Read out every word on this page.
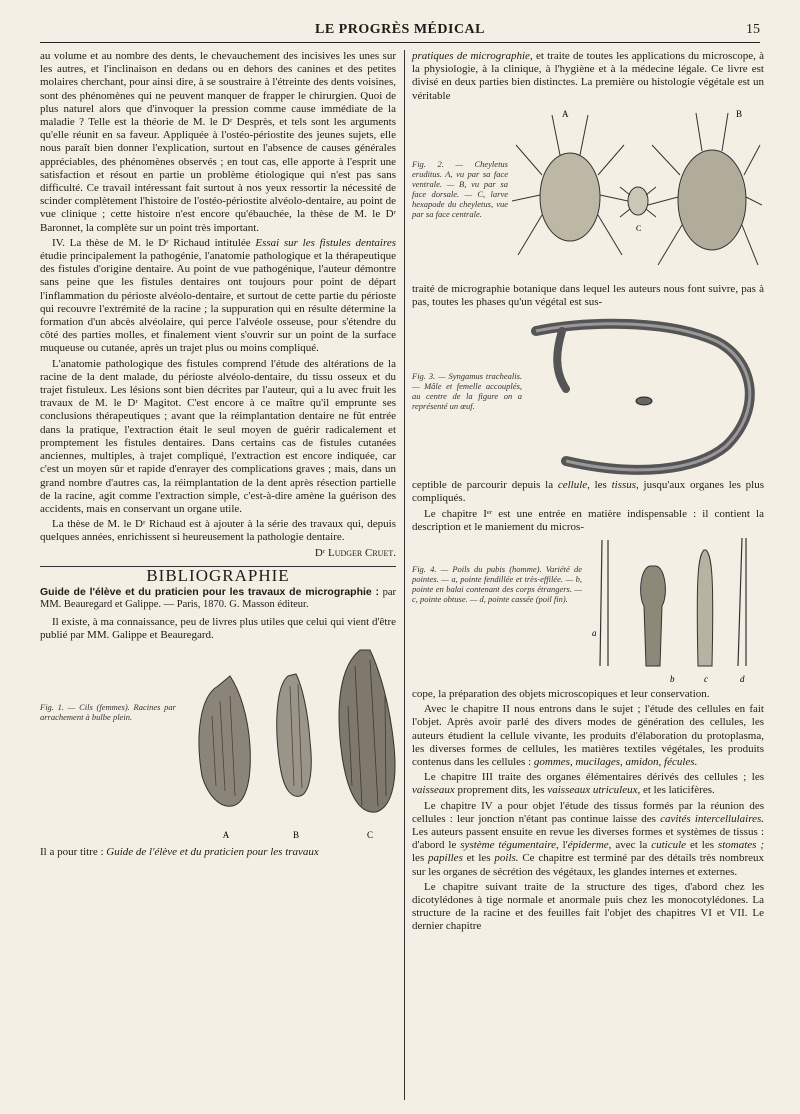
LE PROGRÈS MÉDICAL	15

au volume et au nombre des dents, le chevauchement des incisives les unes sur les autres, et l'inclinaison en dedans ou en dehors des canines et des petites molaires cherchant, pour ainsi dire, à se soustraire à l'étreinte des dents voisines, sont des phénomènes qui ne peuvent manquer de frapper le chirurgien. Quoi de plus naturel alors que d'invoquer la pression comme cause immédiate de la maladie ? Telle est la théorie de M. le Dʳ Desprès, et tels sont les arguments qu'elle réunit en sa faveur. Appliquée à l'ostéo-périostite des jeunes sujets, elle nous paraît bien donner l'explication, surtout en l'absence de causes générales appréciables, des phénomènes observés ; en tout cas, elle apporte à l'esprit une satisfaction et résout en partie un problème étiologique qui n'est pas sans difficulté. Ce travail intéressant fait surtout à nos yeux ressortir la nécessité de scinder complètement l'histoire de l'ostéo-périostite alvéolo-dentaire, au point de vue clinique ; cette histoire n'est encore qu'ébauchée, la thèse de M. le Dʳ Baronnet, la complète sur un point très important.

IV. La thèse de M. le Dʳ Richaud intitulée Essai sur les fistules dentaires étudie principalement la pathogénie, l'anatomie pathologique et la thérapeutique des fistules d'origine dentaire. Au point de vue pathogénique, l'auteur démontre sans peine que les fistules dentaires ont toujours pour point de départ l'inflammation du périoste alvéolo-dentaire, et surtout de cette partie du périoste qui recouvre l'extrémité de la racine ; la suppuration qui en résulte détermine la formation d'un abcès alvéolaire, qui perce l'alvéole osseuse, pour s'étendre du côté des parties molles, et finalement vient s'ouvrir sur un point de la surface muqueuse ou cutanée, après un trajet plus ou moins compliqué.

L'anatomie pathologique des fistules comprend l'étude des altérations de la racine de la dent malade, du périoste alvéolo-dentaire, du tissu osseux et du trajet fistuleux. Les lésions sont bien décrites par l'auteur, qui a lu avec fruit les travaux de M. le Dʳ Magitot. C'est encore à ce maître qu'il emprunte ses conclusions thérapeutiques ; avant que la réimplantation dentaire ne fût entrée dans la pratique, l'extraction était le seul moyen de guérir radicalement et promptement les fistules dentaires. Dans certains cas de fistules cutanées anciennes, multiples, à trajet compliqué, l'extraction est encore indiquée, car c'est un moyen sûr et rapide d'enrayer des complications graves ; mais, dans un grand nombre d'autres cas, la réimplantation de la dent après résection partielle de la racine, agit comme l'extraction simple, c'est-à-dire amène la guérison des accidents, mais en conservant un organe utile.

La thèse de M. le Dʳ Richaud est à ajouter à la série des travaux qui, depuis quelques années, enrichissent si heureusement la pathologie dentaire.

Dʳ Ludger Cruet.
BIBLIOGRAPHIE
Guide de l'élève et du praticien pour les travaux de micrographie : par MM. Beauregard et Galippe. — Paris, 1870. G. Masson éditeur.

Il existe, à ma connaissance, peu de livres plus utiles que celui qui vient d'être publié par MM. Galippe et Beauregard.

Fig. 1. — Cils (femmes). Racines par arrachement à bulbe plein.
A	B	C

Il a pour titre : Guide de l'élève et du praticien pour les travaux

pratiques de micrographie, et traite de toutes les applications du microscope, à la physiologie, à la clinique, à l'hygiène et à la médecine légale. Ce livre est divisé en deux parties bien distinctes. La première ou histologie végétale est un véritable

Fig. 2. — Cheyletus eruditus. A, vu par sa face ventrale. — B, vu par sa face dorsale. — C, larve hexapode du cheyletus, vue par sa face centrale.
A	B
C

traité de micrographie botanique dans lequel les auteurs nous font suivre, pas à pas, toutes les phases qu'un végétal est sus-

Fig. 3. — Syngamus trachealis. — Mâle et femelle accouplés, au centre de la figure on a représenté un œuf.

ceptible de parcourir depuis la cellule, les tissus, jusqu'aux organes les plus compliqués.

Le chapitre Iᵉʳ est une entrée en matière indispensable : il contient la description et le maniement du micros-

Fig. 4. — Poils du pubis (homme). Variété de pointes. — a, pointe fendillée et très-effilée. — b, pointe en balai contenant des corps étrangers. — c, pointe obtuse. — d, pointe cassée (poil fin).
a
b	c	d

cope, la préparation des objets microscopiques et leur conservation.

Avec le chapitre II nous entrons dans le sujet ; l'étude des cellules en fait l'objet. Après avoir parlé des divers modes de génération des cellules, les auteurs étudient la cellule vivante, les produits d'élaboration du protoplasma, les diverses formes de cellules, les matières textiles végétales, les produits contenus dans les cellules : gommes, mucilages, amidon, fécules.

Le chapitre III traite des organes élémentaires dérivés des cellules ; les vaisseaux proprement dits, les vaisseaux utriculeux, et les laticifères.

Le chapitre IV a pour objet l'étude des tissus formés par la réunion des cellules : leur jonction n'étant pas continue laisse des cavités intercellulaires. Les auteurs passent ensuite en revue les diverses formes et systèmes de tissus : d'abord le système tégumentaire, l'épiderme, avec la cuticule et les stomates ; les papilles et les poils. Ce chapitre est terminé par des détails très nombreux sur les organes de sécrétion des végétaux, les glandes internes et externes.

Le chapitre suivant traite de la structure des tiges, d'abord chez les dicotylédones à tige normale et anormale puis chez les monocotylédones. La structure de la racine et des feuilles fait l'objet des chapitres VI et VII. Le dernier chapitre
